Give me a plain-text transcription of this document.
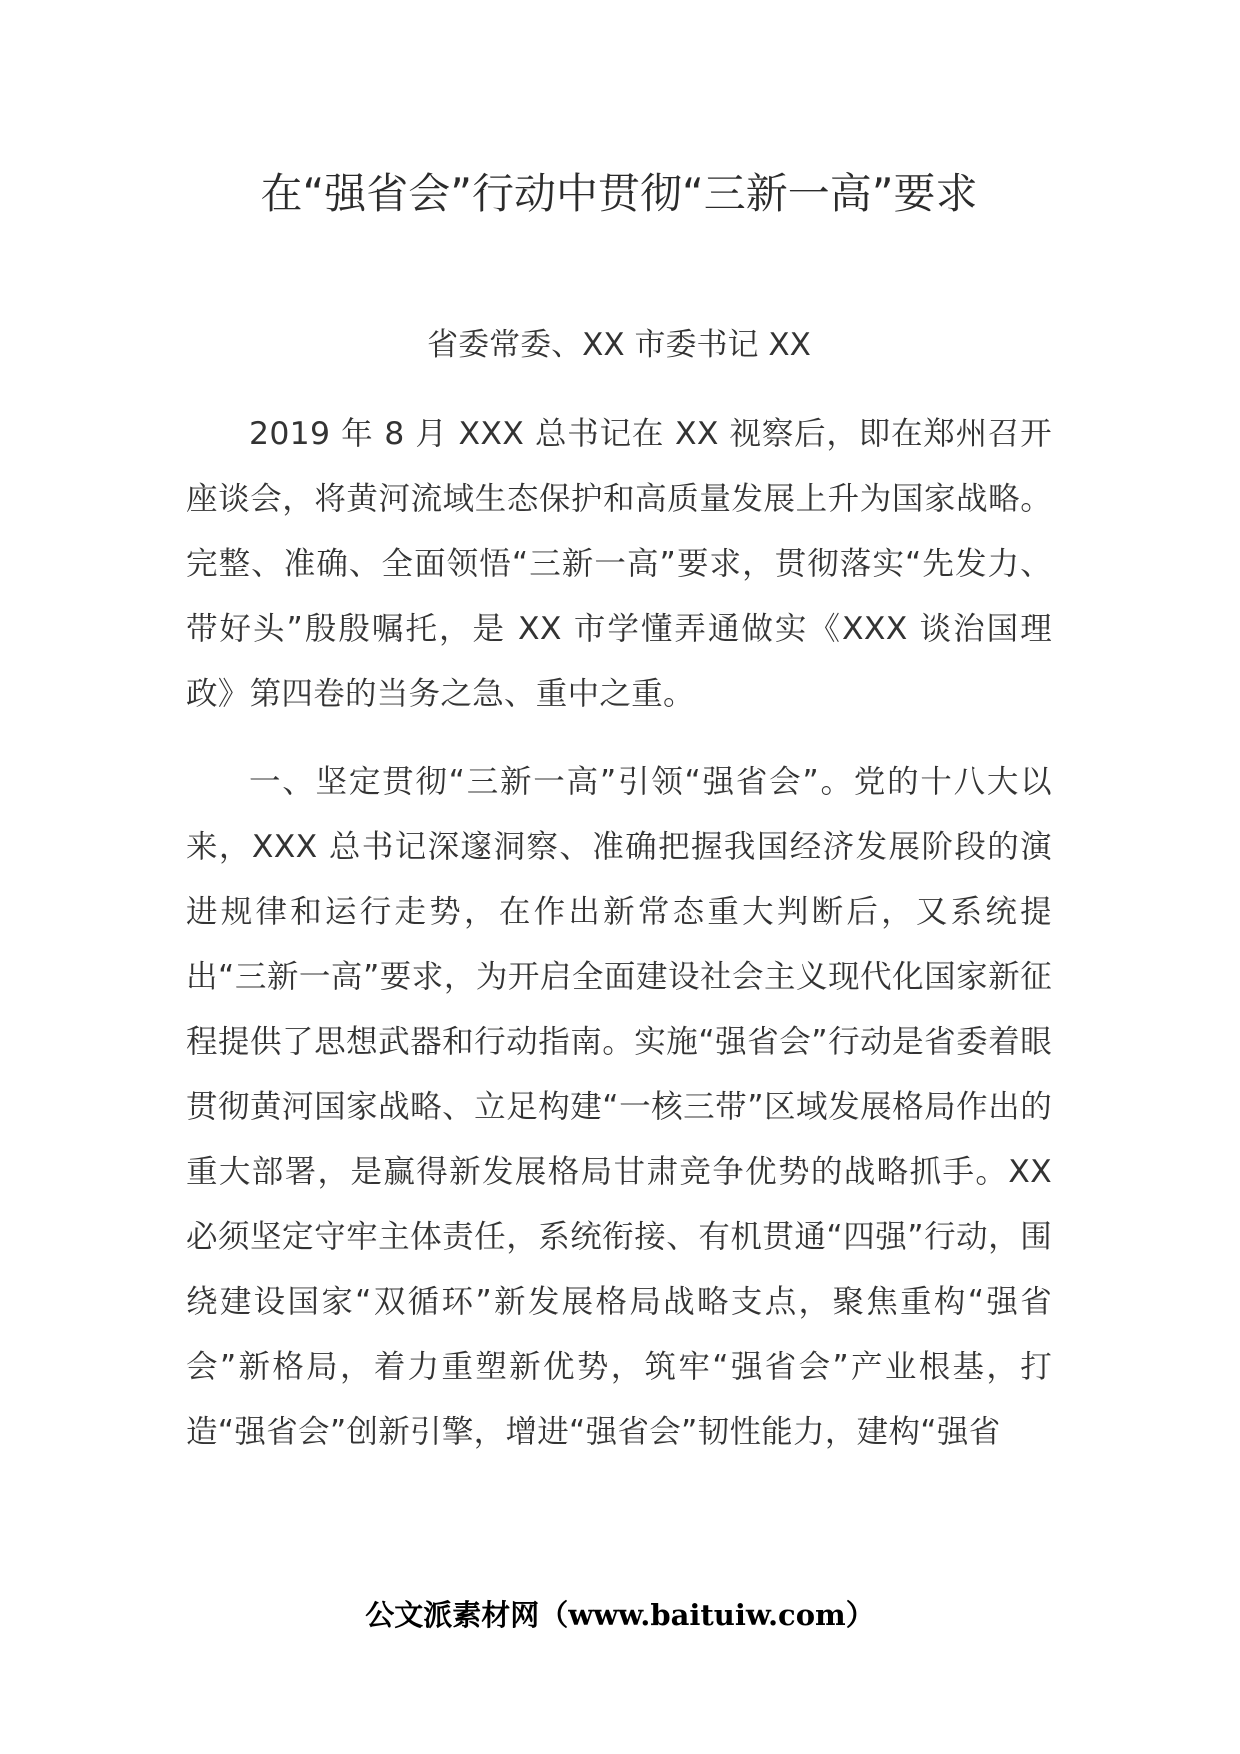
在“强省会”行动中贯彻“三新一高”要求

省委常委、XX 市委书记 XX

2019 年 8 月 XXX 总书记在 XX 视察后，即在郑州召开座谈会，将黄河流域生态保护和高质量发展上升为国家战略。完整、准确、全面领悟“三新一高”要求，贯彻落实“先发力、带好头”殷殷嘱托，是 XX 市学懂弄通做实《XXX 谈治国理政》第四卷的当务之急、重中之重。

一、坚定贯彻“三新一高”引领“强省会”。党的十八大以来，XXX 总书记深邃洞察、准确把握我国经济发展阶段的演进规律和运行走势，在作出新常态重大判断后，又系统提出“三新一高”要求，为开启全面建设社会主义现代化国家新征程提供了思想武器和行动指南。实施“强省会”行动是省委着眼贯彻黄河国家战略、立足构建“一核三带”区域发展格局作出的重大部署，是赢得新发展格局甘肃竞争优势的战略抓手。XX 必须坚定守牢主体责任，系统衔接、有机贯通“四强”行动，围绕建设国家“双循环”新发展格局战略支点，聚焦重构“强省会”新格局，着力重塑新优势，筑牢“强省会”产业根基，打造“强省会”创新引擎，增进“强省会”韧性能力，建构“强省

公文派素材网（www.baituiw.com）
